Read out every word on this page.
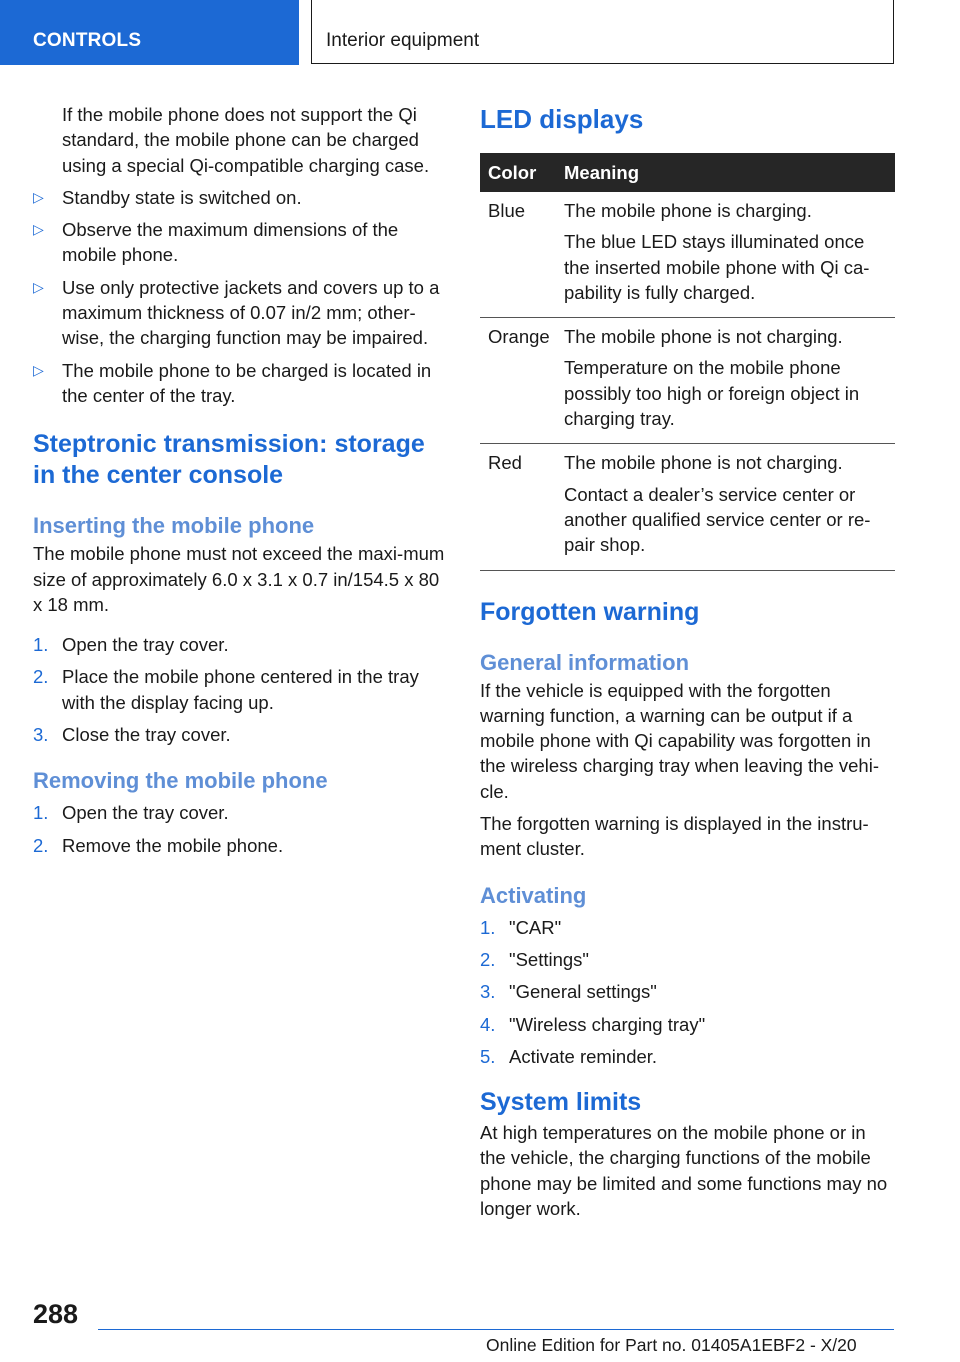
CONTROLS	Interior equipment

If the mobile phone does not support the Qi standard, the mobile phone can be charged using a special Qi-compatible charging case.

▷ Standby state is switched on.
▷ Observe the maximum dimensions of the mobile phone.
▷ Use only protective jackets and covers up to a maximum thickness of 0.07 in/2 mm; other-wise, the charging function may be impaired.
▷ The mobile phone to be charged is located in the center of the tray.
Steptronic transmission: storage in the center console
Inserting the mobile phone

The mobile phone must not exceed the maxi-mum size of approximately 6.0 x 3.1 x 0.7 in/154.5 x 80 x 18 mm.

1. Open the tray cover.
2. Place the mobile phone centered in the tray with the display facing up.
3. Close the tray cover.
Removing the mobile phone
1. Open the tray cover.
2. Remove the mobile phone.
LED displays
Color	Meaning
Blue	The mobile phone is charging.

The blue LED stays illuminated once the inserted mobile phone with Qi ca-pability is fully charged.

Orange	The mobile phone is not charging.

Temperature on the mobile phone possibly too high or foreign object in charging tray.

Red	The mobile phone is not charging.

Contact a dealer’s service center or another qualified service center or re-pair shop.

Forgotten warning
General information

If the vehicle is equipped with the forgotten warning function, a warning can be output if a mobile phone with Qi capability was forgotten in the wireless charging tray when leaving the vehi-cle.

The forgotten warning is displayed in the instru-ment cluster.

Activating
1. "CAR"
2. "Settings"
3. "General settings"
4. "Wireless charging tray"
5. Activate reminder.
System limits

At high temperatures on the mobile phone or in the vehicle, the charging functions of the mobile phone may be limited and some functions may no longer work.

288
Online Edition for Part no. 01405A1EBF2 - X/20
